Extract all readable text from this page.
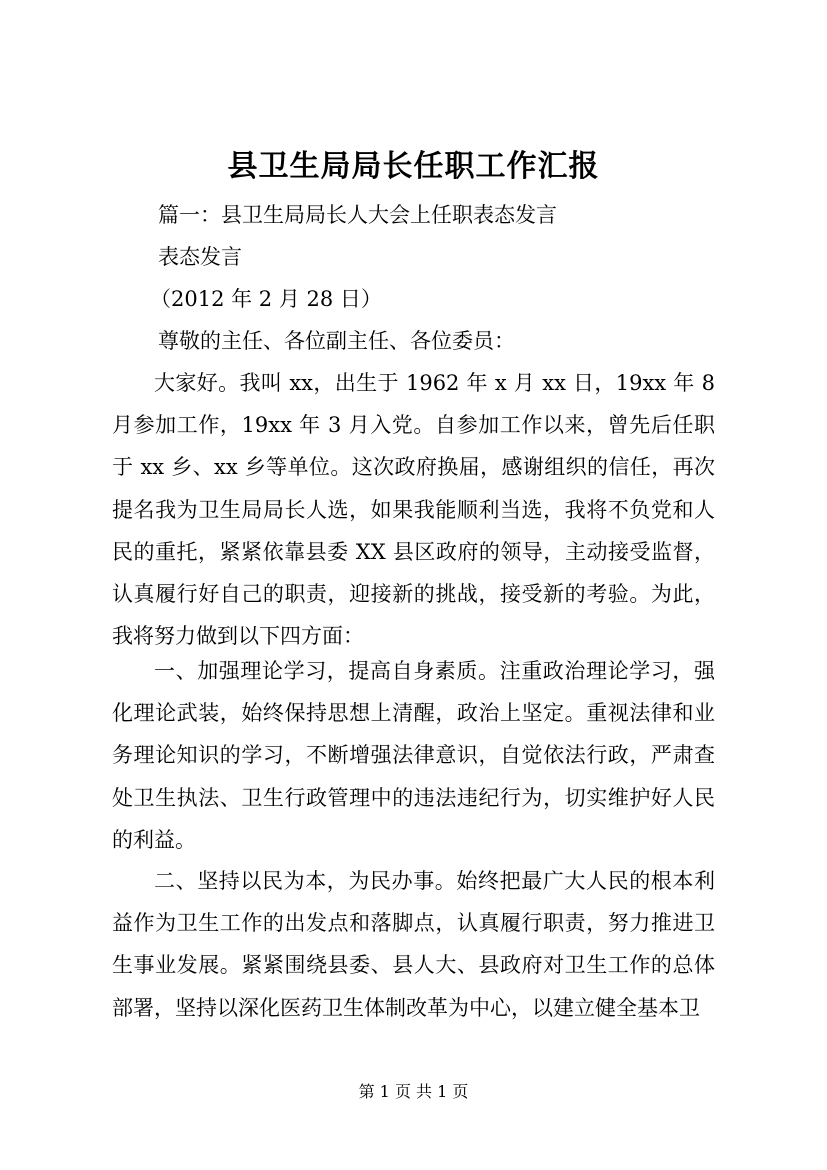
县卫生局局长任职工作汇报
篇一：县卫生局局长人大会上任职表态发言
表态发言
（2012 年 2 月 28 日）
尊敬的主任、各位副主任、各位委员：

大家好。我叫 xx，出生于 1962 年 x 月 xx 日，19xx 年 8 月参加工作，19xx 年 3 月入党。自参加工作以来，曾先后任职于 xx 乡、xx 乡等单位。这次政府换届，感谢组织的信任，再次提名我为卫生局局长人选，如果我能顺利当选，我将不负党和人民的重托，紧紧依靠县委 XX 县区政府的领导，主动接受监督，认真履行好自己的职责，迎接新的挑战，接受新的考验。为此，我将努力做到以下四方面：

一、加强理论学习，提高自身素质。注重政治理论学习，强化理论武装，始终保持思想上清醒，政治上坚定。重视法律和业务理论知识的学习，不断增强法律意识，自觉依法行政，严肃查处卫生执法、卫生行政管理中的违法违纪行为，切实维护好人民的利益。

二、坚持以民为本，为民办事。始终把最广大人民的根本利益作为卫生工作的出发点和落脚点，认真履行职责，努力推进卫生事业发展。紧紧围绕县委、县人大、县政府对卫生工作的总体部署，坚持以深化医药卫生体制改革为中心，以建立健全基本卫

第 1 页 共 1 页
